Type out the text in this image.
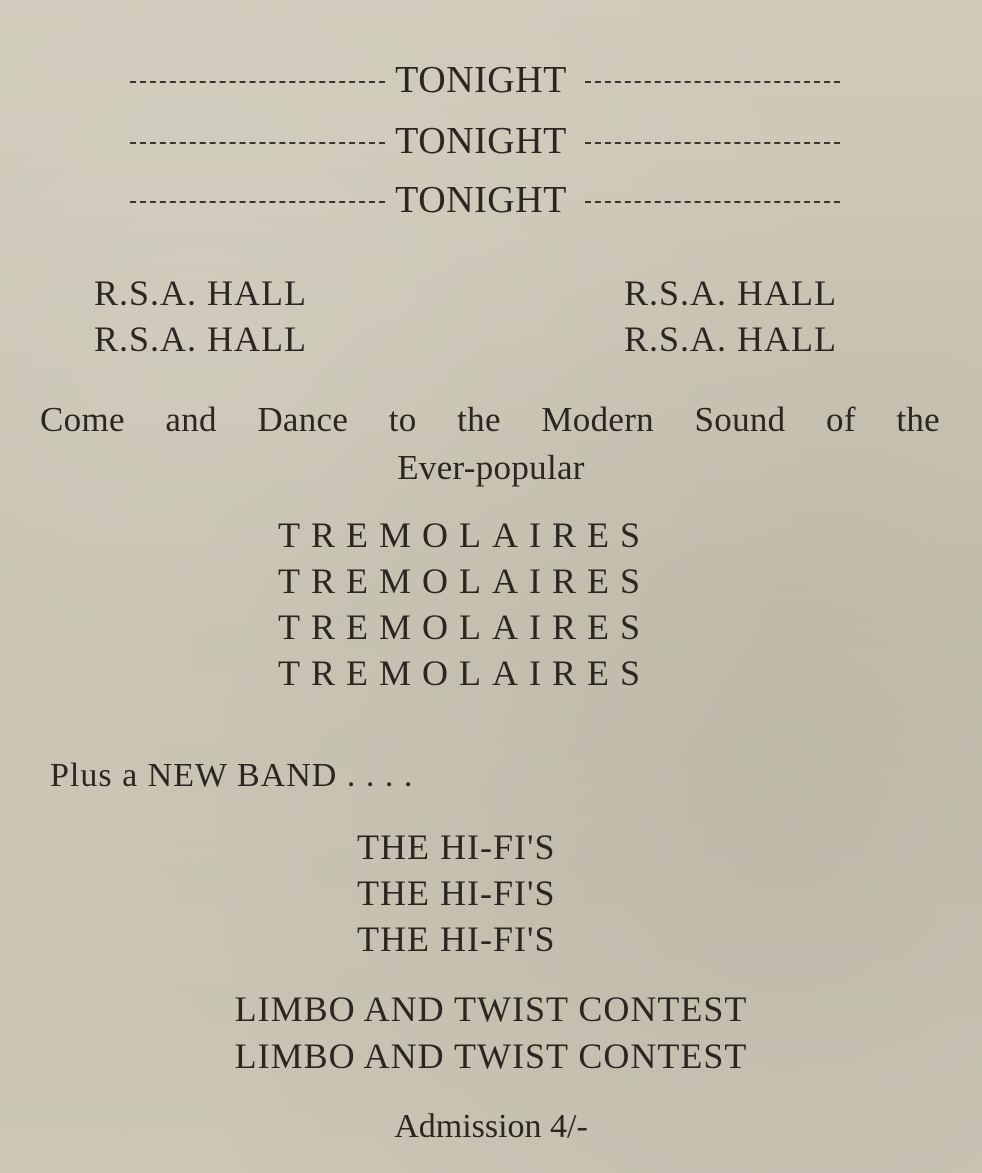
TONIGHT
TONIGHT
TONIGHT
R.S.A. HALL
R.S.A. HALL
R.S.A. HALL
R.S.A. HALL
Come and Dance to the Modern Sound of the
Ever-popular
TREMOLAIRES
TREMOLAIRES
TREMOLAIRES
TREMOLAIRES
Plus a NEW BAND . . . .
THE HI-FI'S
THE HI-FI'S
THE HI-FI'S
LIMBO AND TWIST CONTEST
LIMBO AND TWIST CONTEST
Admission 4/-
